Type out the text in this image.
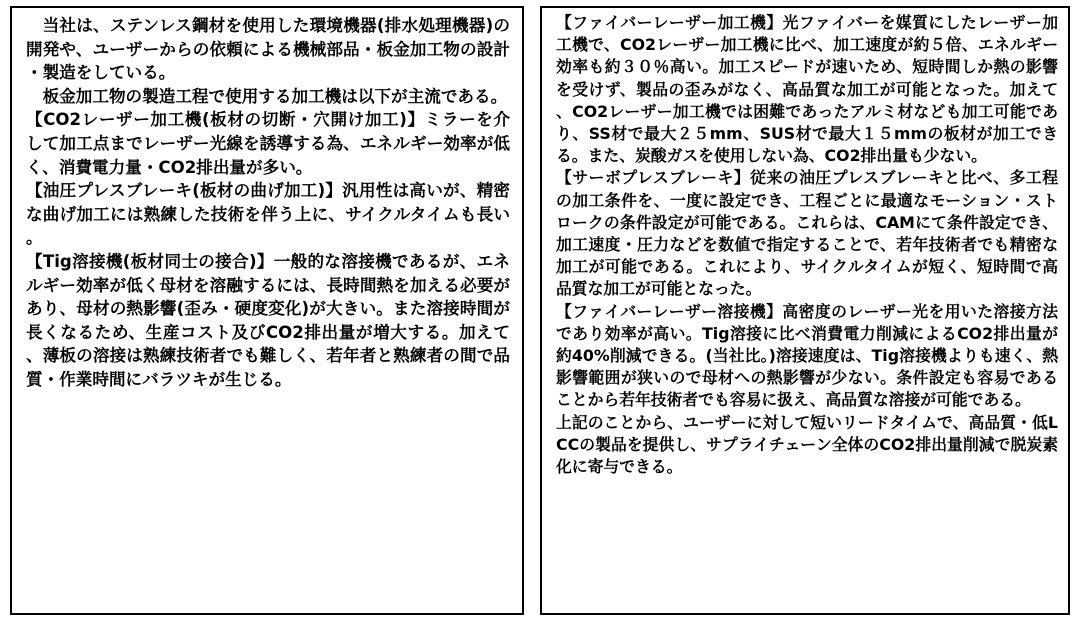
当社は、ステンレス鋼材を使用した環境機器(排水処理機器)の開発や、ユーザーからの依頼による機械部品・板金加工物の設計・製造をしている。

板金加工物の製造工程で使用する加工機は以下が主流である。

【CO2レーザー加工機(板材の切断・穴開け加工)】ミラーを介して加工点までレーザー光線を誘導する為、エネルギー効率が低く、消費電力量・CO2排出量が多い。

【油圧プレスブレーキ(板材の曲げ加工)】汎用性は高いが、精密な曲げ加工には熟練した技術を伴う上に、サイクルタイムも長い。

【Tig溶接機(板材同士の接合)】一般的な溶接機であるが、エネルギー効率が低く母材を溶融するには、長時間熱を加える必要があり、母材の熱影響(歪み・硬度変化)が大きい。また溶接時間が長くなるため、生産コスト及びCO2排出量が増大する。加えて、薄板の溶接は熟練技術者でも難しく、若年者と熟練者の間で品質・作業時間にバラツキが生じる。

【ファイバーレーザー加工機】光ファイバーを媒質にしたレーザー加工機で、CO2レーザー加工機に比べ、加工速度が約５倍、エネルギー効率も約３０％高い。加工スピードが速いため、短時間しか熱の影響を受けず、製品の歪みがなく、高品質な加工が可能となった。加えて、CO2レーザー加工機では困難であったアルミ材なども加工可能であり、SS材で最大２５mm、SUS材で最大１５mmの板材が加工できる。また、炭酸ガスを使用しない為、CO2排出量も少ない。

【サーボプレスブレーキ】従来の油圧プレスブレーキと比べ、多工程の加工条件を、一度に設定でき、工程ごとに最適なモーション・ストロークの条件設定が可能である。これらは、CAMにて条件設定でき、加工速度・圧力などを数値で指定することで、若年技術者でも精密な加工が可能である。これにより、サイクルタイムが短く、短時間で高品質な加工が可能となった。

【ファイバーレーザー溶接機】高密度のレーザー光を用いた溶接方法であり効率が高い。Tig溶接に比べ消費電力削減によるCO2排出量が約40%削減できる。(当社比。)溶接速度は、Tig溶接機よりも速く、熱影響範囲が狭いので母材への熱影響が少ない。条件設定も容易であることから若年技術者でも容易に扱え、高品質な溶接が可能である。

上記のことから、ユーザーに対して短いリードタイムで、高品質・低LCCの製品を提供し、サプライチェーン全体のCO2排出量削減で脱炭素化に寄与できる。
